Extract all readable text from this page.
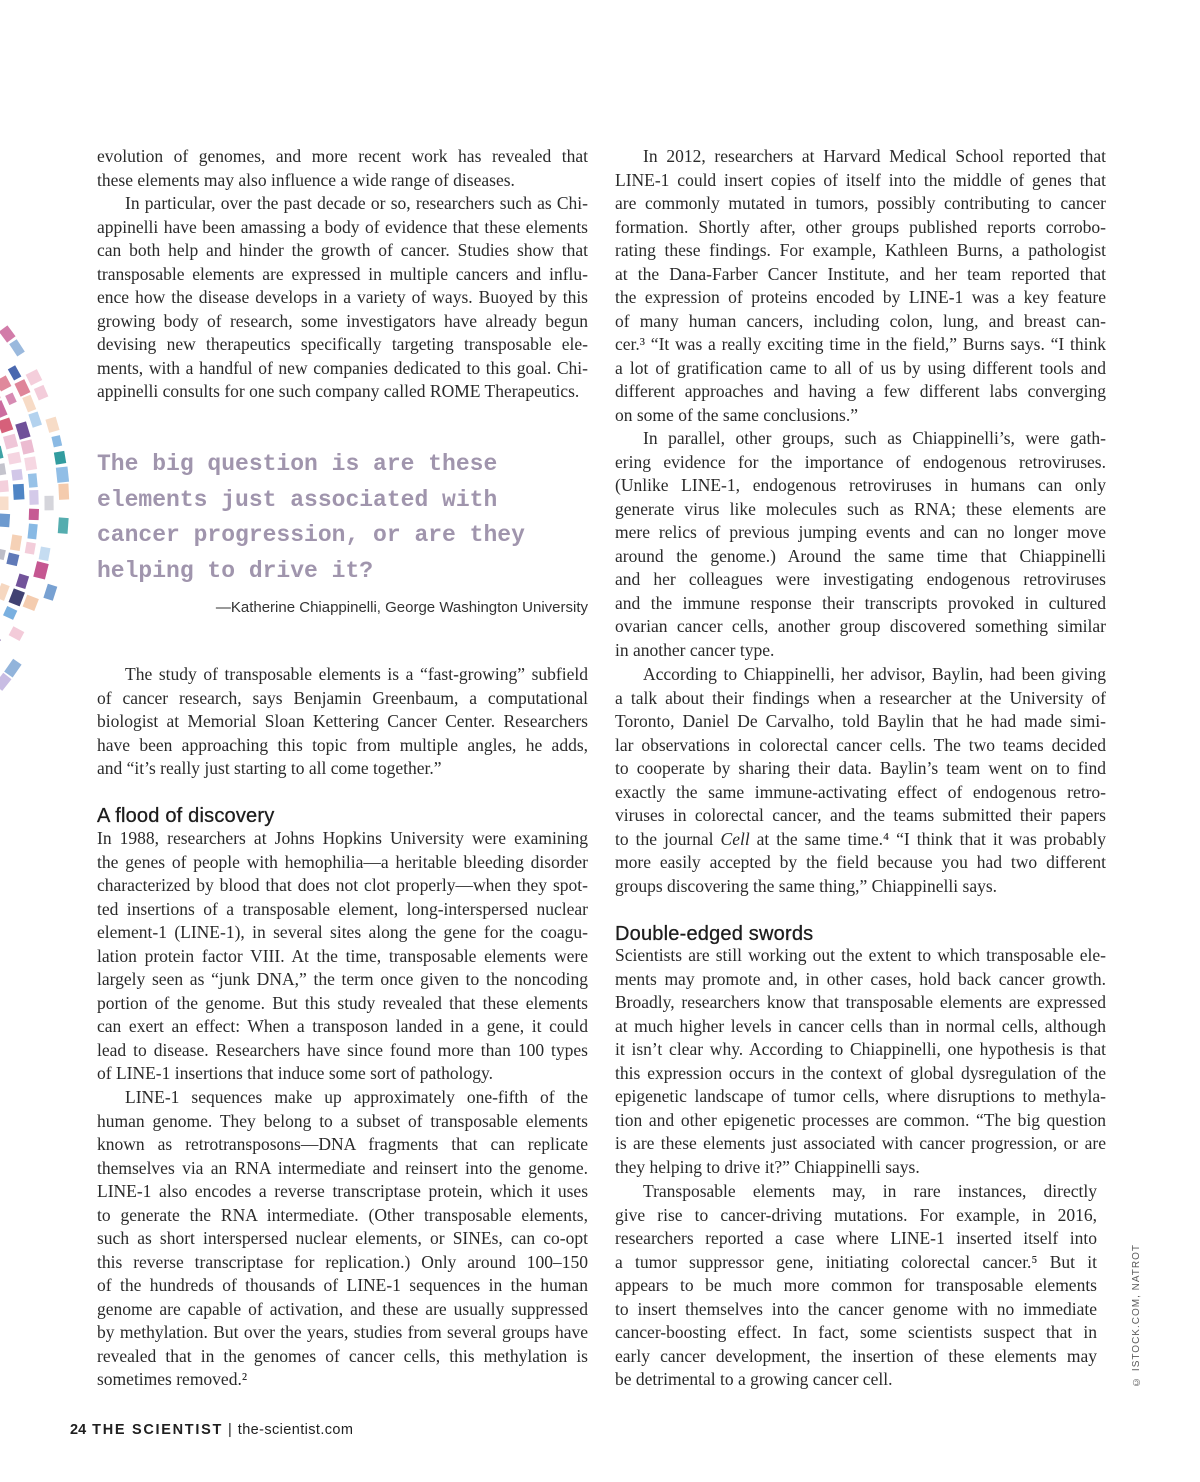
evolution of genomes, and more recent work has revealed that
these elements may also influence a wide range of diseases.
In particular, over the past decade or so, researchers such as Chi-
appinelli have been amassing a body of evidence that these elements
can both help and hinder the growth of cancer. Studies show that
transposable elements are expressed in multiple cancers and influ-
ence how the disease develops in a variety of ways. Buoyed by this
growing body of research, some investigators have already begun
devising new therapeutics specifically targeting transposable ele-
ments, with a handful of new companies dedicated to this goal. Chi-
appinelli consults for one such company called ROME Therapeutics.
The big question is are these
elements just associated with
cancer progression, or are they
helping to drive it?
—Katherine Chiappinelli, George Washington University
The study of transposable elements is a “fast-growing” subfield
of cancer research, says Benjamin Greenbaum, a computational
biologist at Memorial Sloan Kettering Cancer Center. Researchers
have been approaching this topic from multiple angles, he adds,
and “it’s really just starting to all come together.”
A flood of discovery
In 1988, researchers at Johns Hopkins University were examining
the genes of people with hemophilia—a heritable bleeding disorder
characterized by blood that does not clot properly—when they spot-
ted insertions of a transposable element, long-interspersed nuclear
element-1 (LINE-1), in several sites along the gene for the coagu-
lation protein factor VIII. At the time, transposable elements were
largely seen as “junk DNA,” the term once given to the noncoding
portion of the genome. But this study revealed that these elements
can exert an effect: When a transposon landed in a gene, it could
lead to disease. Researchers have since found more than 100 types
of LINE-1 insertions that induce some sort of pathology.
LINE-1 sequences make up approximately one-fifth of the
human genome. They belong to a subset of transposable elements
known as retrotransposons—DNA fragments that can replicate
themselves via an RNA intermediate and reinsert into the genome.
LINE-1 also encodes a reverse transcriptase protein, which it uses
to generate the RNA intermediate. (Other transposable elements,
such as short interspersed nuclear elements, or SINEs, can co-opt
this reverse transcriptase for replication.) Only around 100–150
of the hundreds of thousands of LINE-1 sequences in the human
genome are capable of activation, and these are usually suppressed
by methylation. But over the years, studies from several groups have
revealed that in the genomes of cancer cells, this methylation is
sometimes removed.²
In 2012, researchers at Harvard Medical School reported that
LINE-1 could insert copies of itself into the middle of genes that
are commonly mutated in tumors, possibly contributing to cancer
formation. Shortly after, other groups published reports corrobo-
rating these findings. For example, Kathleen Burns, a pathologist
at the Dana-Farber Cancer Institute, and her team reported that
the expression of proteins encoded by LINE-1 was a key feature
of many human cancers, including colon, lung, and breast can-
cer.³ “It was a really exciting time in the field,” Burns says. “I think
a lot of gratification came to all of us by using different tools and
different approaches and having a few different labs converging
on some of the same conclusions.”
In parallel, other groups, such as Chiappinelli’s, were gath-
ering evidence for the importance of endogenous retroviruses.
(Unlike LINE-1, endogenous retroviruses in humans can only
generate virus like molecules such as RNA; these elements are
mere relics of previous jumping events and can no longer move
around the genome.) Around the same time that Chiappinelli
and her colleagues were investigating endogenous retroviruses
and the immune response their transcripts provoked in cultured
ovarian cancer cells, another group discovered something similar
in another cancer type.
According to Chiappinelli, her advisor, Baylin, had been giving
a talk about their findings when a researcher at the University of
Toronto, Daniel De Carvalho, told Baylin that he had made simi-
lar observations in colorectal cancer cells. The two teams decided
to cooperate by sharing their data. Baylin’s team went on to find
exactly the same immune-activating effect of endogenous retro-
viruses in colorectal cancer, and the teams submitted their papers
to the journal Cell at the same time.⁴ “I think that it was probably
more easily accepted by the field because you had two different
groups discovering the same thing,” Chiappinelli says.
Double-edged swords
Scientists are still working out the extent to which transposable ele-
ments may promote and, in other cases, hold back cancer growth.
Broadly, researchers know that transposable elements are expressed
at much higher levels in cancer cells than in normal cells, although
it isn’t clear why. According to Chiappinelli, one hypothesis is that
this expression occurs in the context of global dysregulation of the
epigenetic landscape of tumor cells, where disruptions to methyla-
tion and other epigenetic processes are common. “The big question
is are these elements just associated with cancer progression, or are
they helping to drive it?” Chiappinelli says.
Transposable elements may, in rare instances, directly
give rise to cancer-driving mutations. For example, in 2016,
researchers reported a case where LINE-1 inserted itself into
a tumor suppressor gene, initiating colorectal cancer.⁵ But it
appears to be much more common for transposable elements
to insert themselves into the cancer genome with no immediate
cancer-boosting effect. In fact, some scientists suspect that in
early cancer development, the insertion of these elements may
be detrimental to a growing cancer cell.	© ISTOCK.COM, NATROT
24 THE SCIENTIST | the-scientist.com
